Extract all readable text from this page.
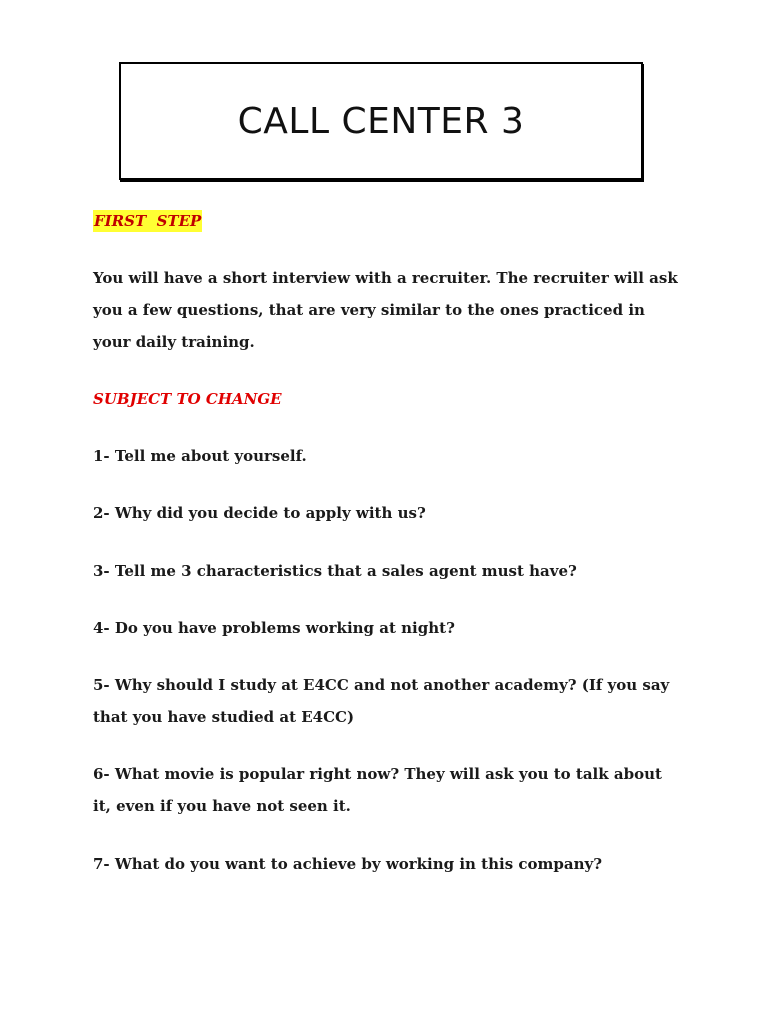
CALL CENTER 3
FIRST  STEP

You will have a short interview with a recruiter. The recruiter will ask you a few questions, that are very similar to the ones practiced in your daily training.

SUBJECT TO CHANGE

1- Tell me about yourself.

2- Why did you decide to apply with us?

3- Tell me 3 characteristics that a sales agent must have?

4- Do you have problems working at night?

5- Why should I study at E4CC and not another academy? (If you say that you have studied at E4CC)

6- What movie is popular right now? They will ask you to talk about it, even if you have not seen it.

7- What do you want to achieve by working in this company?
